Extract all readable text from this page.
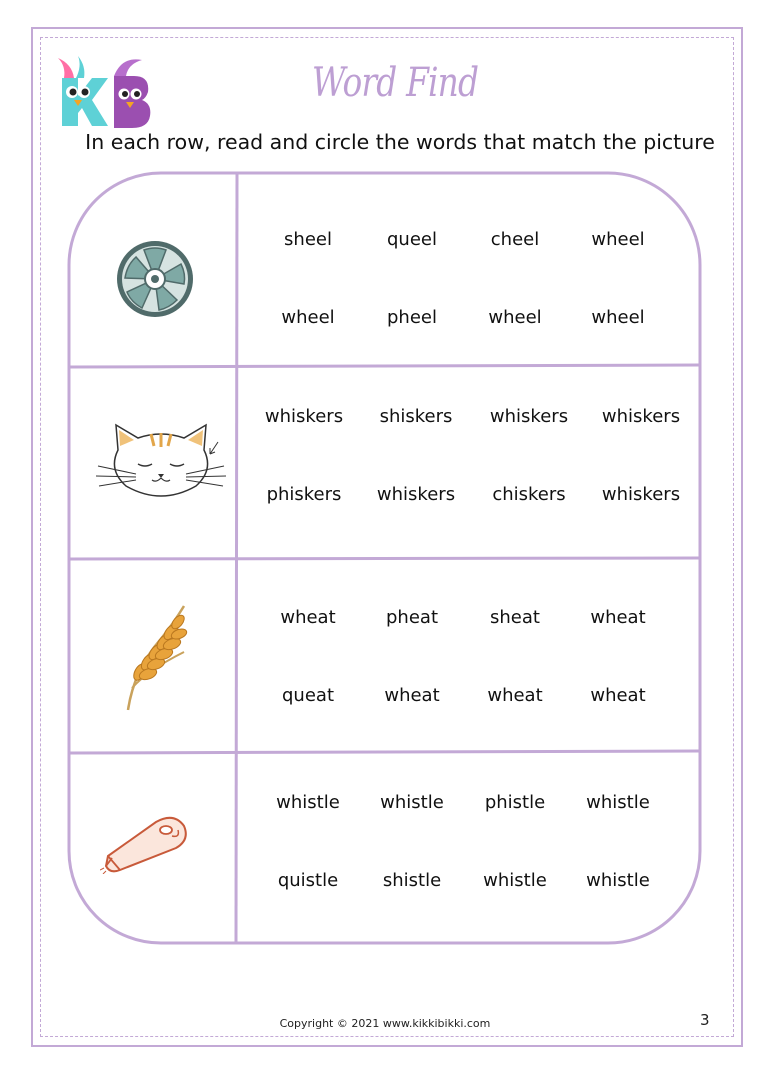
Word Find
In each row, read and circle the words that match the picture
sheel	queel	cheel	wheel
wheel	pheel	wheel	wheel
whiskers	shiskers	whiskers	whiskers
phiskers	whiskers	chiskers	whiskers
wheat	pheat	sheat	wheat
queat	wheat	wheat	wheat
whistle	whistle	phistle	whistle
quistle	shistle	whistle	whistle
Copyright © 2021 www.kikkibikki.com	3
